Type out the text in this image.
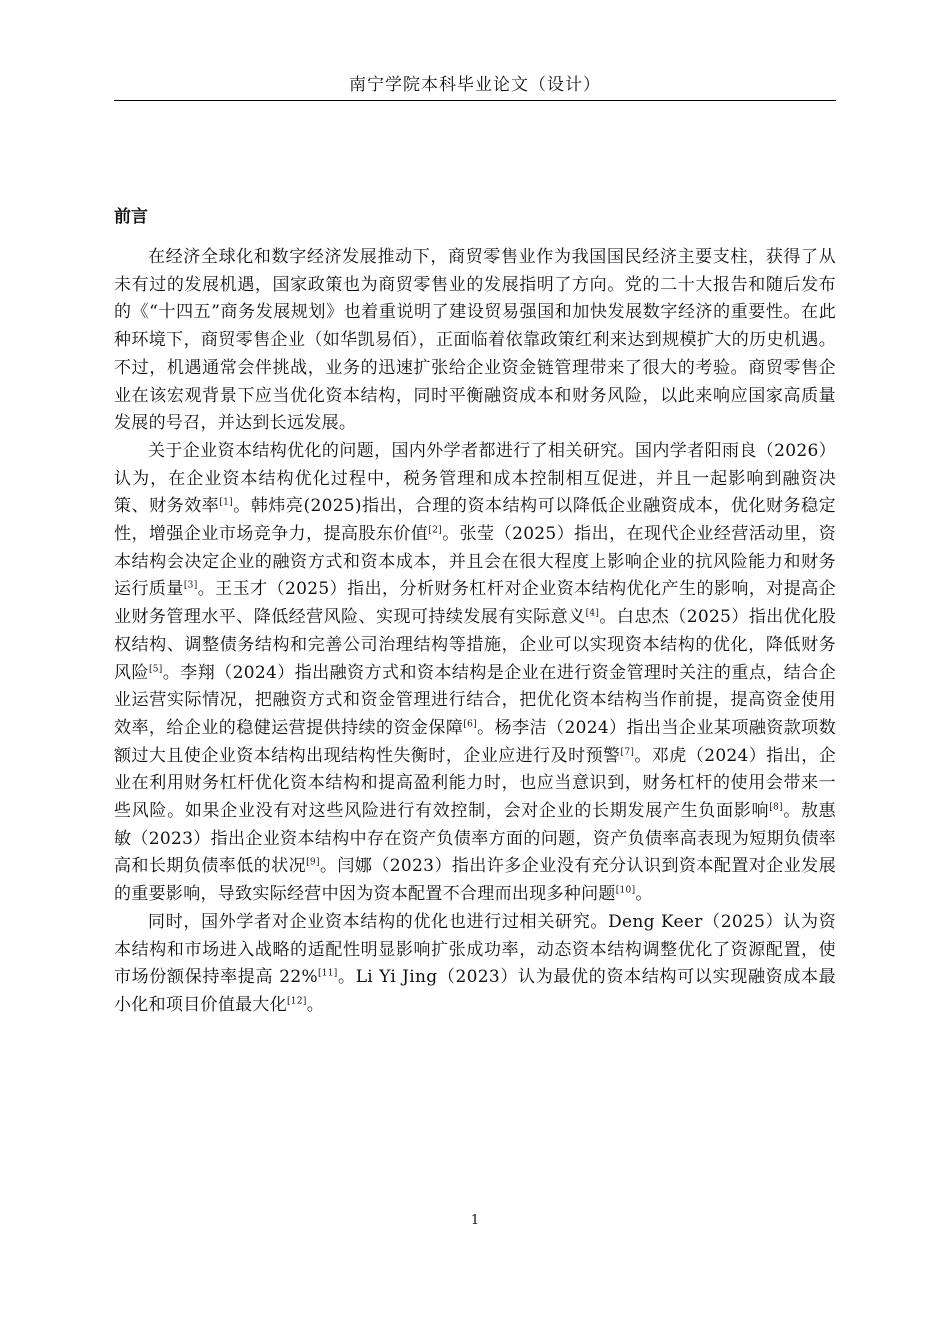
南宁学院本科毕业论文（设计）
前言

在经济全球化和数字经济发展推动下，商贸零售业作为我国国民经济主要支柱，获得了从未有过的发展机遇，国家政策也为商贸零售业的发展指明了方向。党的二十大报告和随后发布的《“十四五”商务发展规划》也着重说明了建设贸易强国和加快发展数字经济的重要性。在此种环境下，商贸零售企业（如华凯易佰），正面临着依靠政策红利来达到规模扩大的历史机遇。不过，机遇通常会伴挑战，业务的迅速扩张给企业资金链管理带来了很大的考验。商贸零售企业在该宏观背景下应当优化资本结构，同时平衡融资成本和财务风险，以此来响应国家高质量发展的号召，并达到长远发展。

关于企业资本结构优化的问题，国内外学者都进行了相关研究。国内学者阳雨良（2026）认为，在企业资本结构优化过程中，税务管理和成本控制相互促进，并且一起影响到融资决策、财务效率[1]。韩炜亮(2025)指出，合理的资本结构可以降低企业融资成本，优化财务稳定性，增强企业市场竞争力，提高股东价值[2]。张莹（2025）指出，在现代企业经营活动里，资本结构会决定企业的融资方式和资本成本，并且会在很大程度上影响企业的抗风险能力和财务运行质量[3]。王玉才（2025）指出，分析财务杠杆对企业资本结构优化产生的影响，对提高企业财务管理水平、降低经营风险、实现可持续发展有实际意义[4]。白忠杰（2025）指出优化股权结构、调整债务结构和完善公司治理结构等措施，企业可以实现资本结构的优化，降低财务风险[5]。李翔（2024）指出融资方式和资本结构是企业在进行资金管理时关注的重点，结合企业运营实际情况，把融资方式和资金管理进行结合，把优化资本结构当作前提，提高资金使用效率，给企业的稳健运营提供持续的资金保障[6]。杨李洁（2024）指出当企业某项融资款项数额过大且使企业资本结构出现结构性失衡时，企业应进行及时预警[7]。邓虎（2024）指出，企业在利用财务杠杆优化资本结构和提高盈利能力时，也应当意识到，财务杠杆的使用会带来一些风险。如果企业没有对这些风险进行有效控制，会对企业的长期发展产生负面影响[8]。敖惠敏（2023）指出企业资本结构中存在资产负债率方面的问题，资产负债率高表现为短期负债率高和长期负债率低的状况[9]。闫娜（2023）指出许多企业没有充分认识到资本配置对企业发展的重要影响，导致实际经营中因为资本配置不合理而出现多种问题[10]。

同时，国外学者对企业资本结构的优化也进行过相关研究。Deng Keer（2025）认为资本结构和市场进入战略的适配性明显影响扩张成功率，动态资本结构调整优化了资源配置，使市场份额保持率提高 22%[11]。Li Yi Jing（2023）认为最优的资本结构可以实现融资成本最小化和项目价值最大化[12]。

1
